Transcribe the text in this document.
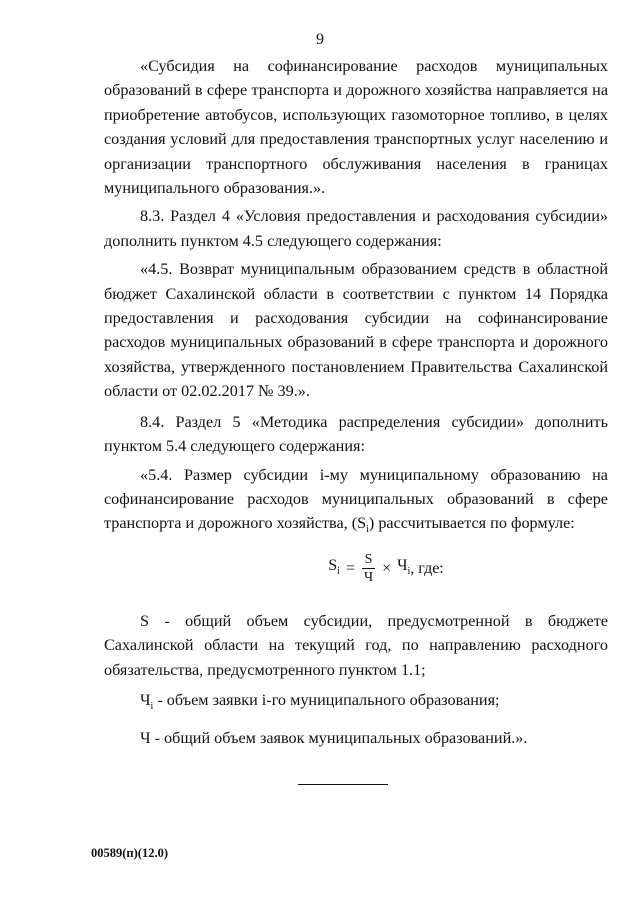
9

«Субсидия на софинансирование расходов муниципальных образований в сфере транспорта и дорожного хозяйства направляется на приобретение автобусов, использующих газомоторное топливо, в целях создания условий для предоставления транспортных услуг населению и организации транспортного обслуживания населения в границах муниципального образования.».

8.3. Раздел 4 «Условия предоставления и расходования субсидии» дополнить пунктом 4.5 следующего содержания:

«4.5. Возврат муниципальным образованием средств в областной бюджет Сахалинской области в соответствии с пунктом 14 Порядка предоставления и расходования субсидии на софинансирование расходов муниципальных образований в сфере транспорта и дорожного хозяйства, утвержденного постановлением Правительства Сахалинской области от 02.02.2017 № 39.».

8.4. Раздел 5 «Методика распределения субсидии» дополнить пунктом 5.4 следующего содержания:

«5.4. Размер субсидии i-му муниципальному образованию на софинансирование расходов муниципальных образований в сфере транспорта и дорожного хозяйства, $(S_i)$ рассчитывается по формуле:

$S_i = \frac{S}{Ч} \times Ч_i$ , где:

S - общий объем субсидии, предусмотренной в бюджете Сахалинской области на текущий год, по направлению расходного обязательства, предусмотренного пунктом 1.1;

$Ч_i$ - объем заявки i-го муниципального образования;

Ч - общий объем заявок муниципальных образований.».

00589(п)(12.0)
